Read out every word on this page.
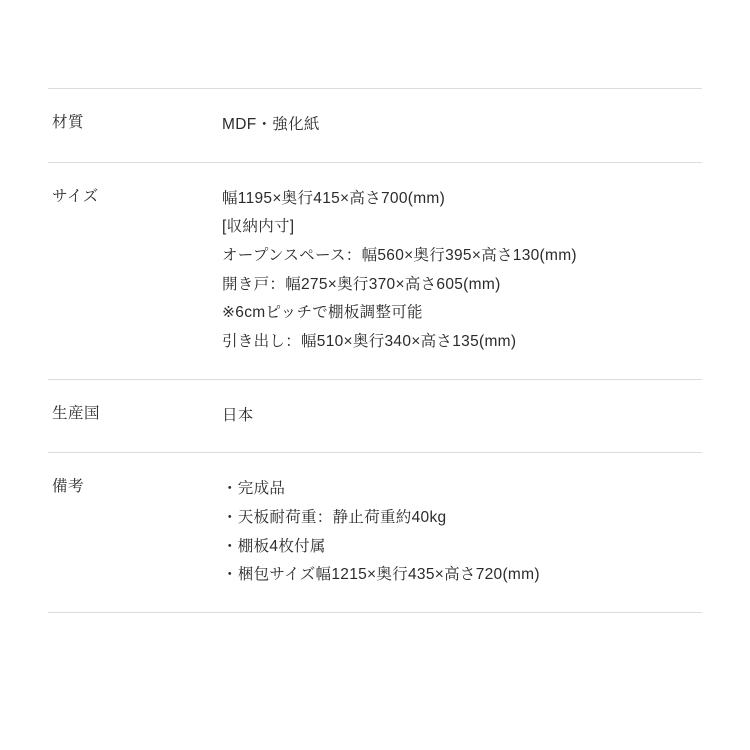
材質	MDF・強化紙

サイズ	幅1195×奥行415×高さ700(mm)
[収納内寸]
オープンスペース：幅560×奥行395×高さ130(mm)
開き戸：幅275×奥行370×高さ605(mm)
※6cmピッチで棚板調整可能
引き出し：幅510×奥行340×高さ135(mm)

生産国	日本

備考	・完成品
・天板耐荷重：静止荷重約40kg
・棚板4枚付属
・梱包サイズ幅1215×奥行435×高さ720(mm)
